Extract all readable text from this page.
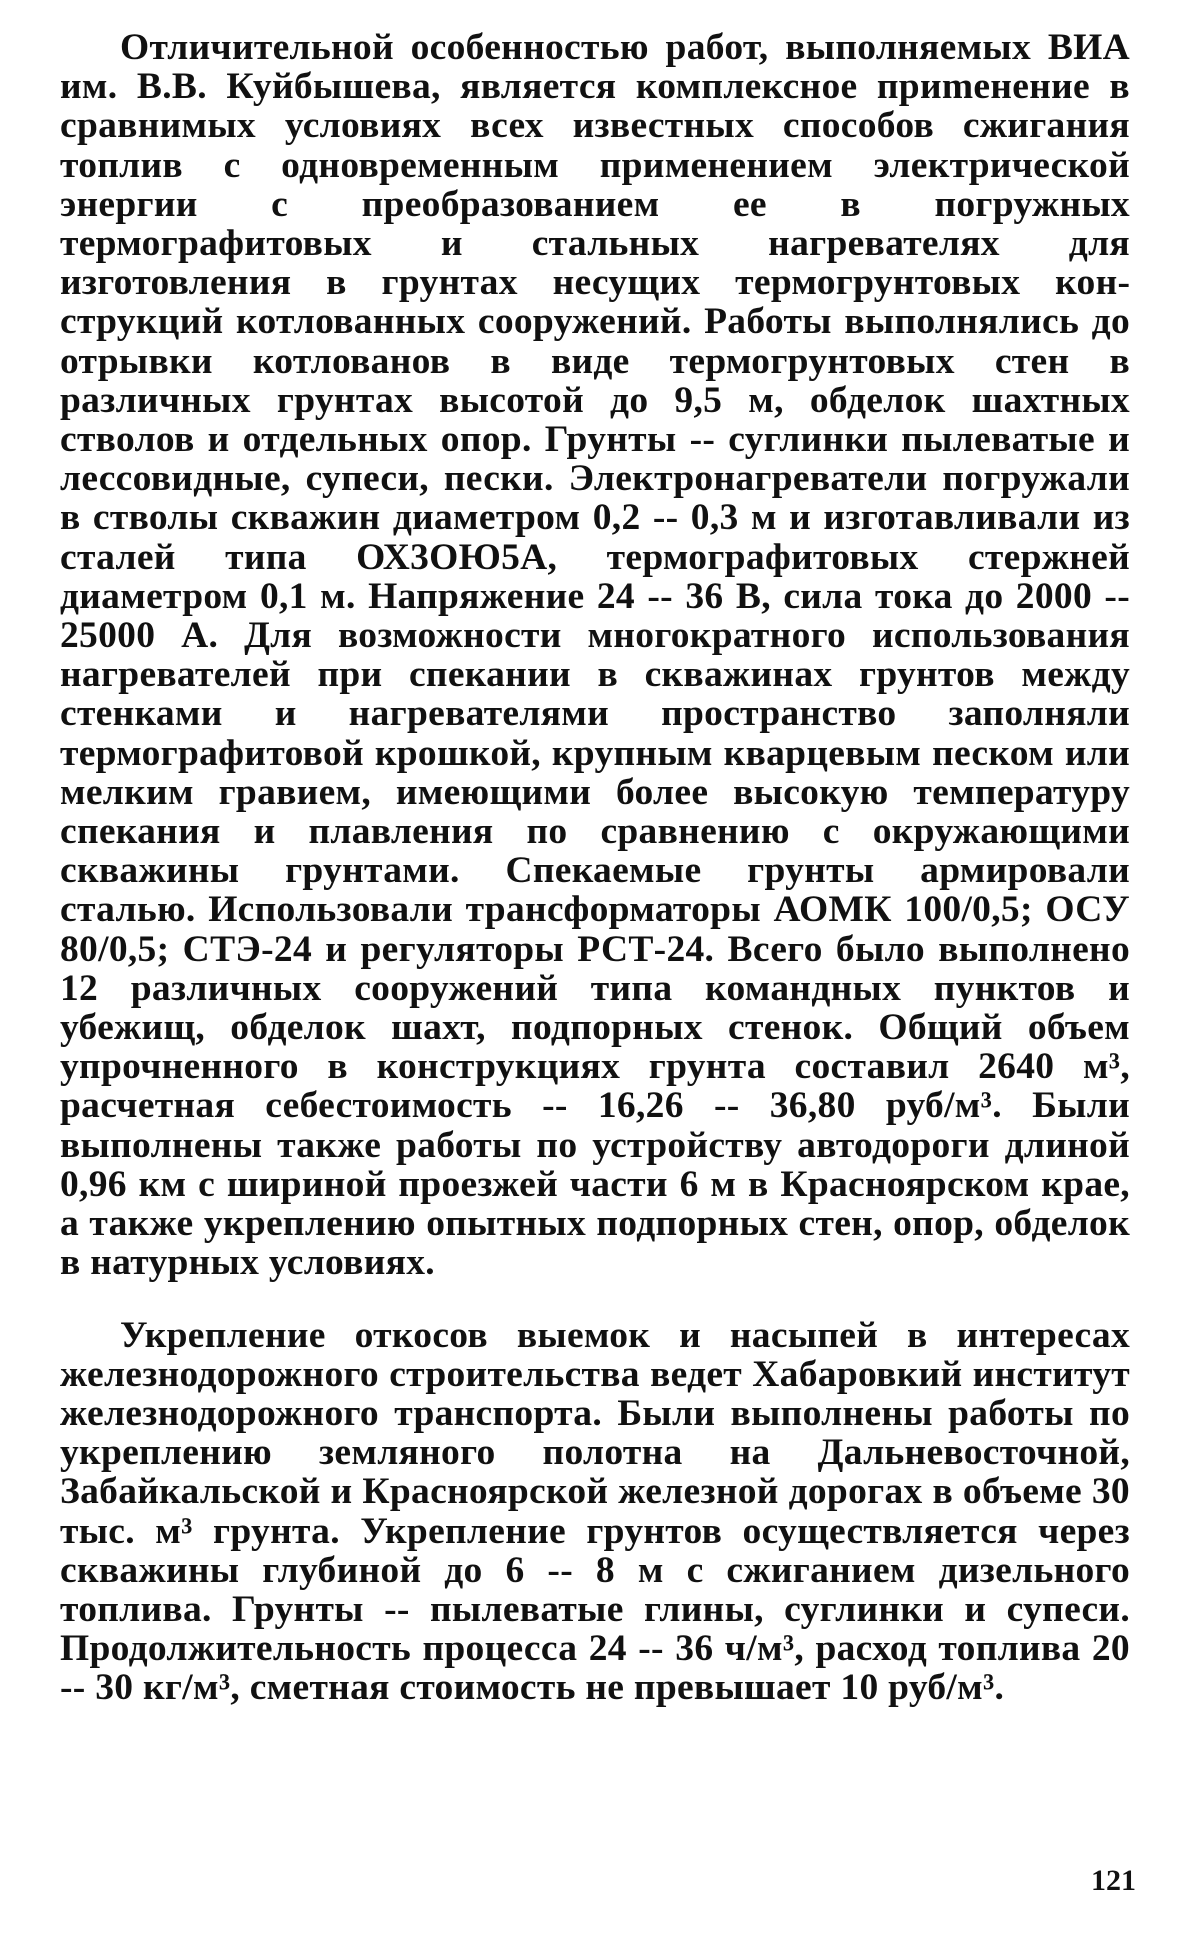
Отличительной особенностью работ, выполняемых ВИА им. В.В. Куйбышева, является комплексное приmенение в сравнимых условиях всех известных способов сжигания топлив с одновременным применением электрической энергии с преобразованием ее в погружных термографитовых и стальных нагревателях для изготовления в грунтах несущих термогрунтовых конструкций котлованных сооружений. Работы выполнялись до отрывки котлованов в виде термогрунтовых стен в различных грунтах высотой до 9,5 м, обделок шахтных стволов и отдельных опор. Грунты -- суглинки пылеватые и лессовидные, супеси, пески. Электронагреватели погружали в стволы скважин диаметром 0,2 -- 0,3 м и изготавливали из сталей типа ОХ3ОЮ5А, термографитовых стержней диаметром 0,1 м. Напряжение 24 -- 36 В, сила тока до 2000 -- 25000 А. Для возможности многократного использования нагревателей при спекании в скважинах грунтов между стенками и нагревателями пространство заполняли термографитовой крошкой, крупным кварцевым песком или мелким гравием, имеющими более высокую температуру спекания и плавления по сравнению с окружающими скважины грунтами. Спекаемые грунты армировали сталью. Использовали трансформаторы АОМК 100/0,5; ОСУ 80/0,5; СТЭ-24 и регуляторы РСТ-24. Всего было выполнено 12 различных сооружений типа командных пунктов и убежищ, обделок шахт, подпорных стенок. Общий объем упрочненного в конструкциях грунта составил 2640 м³, расчетная себестоимость -- 16,26 -- 36,80 руб/м³. Были выполнены также работы по устройству автодороги длиной 0,96 км с шириной проезжей части 6 м в Красноярском крае, а также укреплению опытных подпорных стен, опор, обделок в натурных условиях.

Укрепление откосов выемок и насыпей в интересах железнодорожного строительства ведет Хабаровкий институт железнодорожного транспорта. Были выполнены работы по укреплению земляного полотна на Дальневосточной, Забайкальской и Красноярской железной дорогах в объеме 30 тыс. м³ грунта. Укрепление грунтов осуществляется через скважины глубиной до 6 -- 8 м с сжиганием дизельного топлива. Грунты -- пылеватые глины, суглинки и супеси. Продолжительность процесса 24 -- 36 ч/м³, расход топлива 20 -- 30 кг/м³, сметная стоимость не превышает 10 руб/м³.

121
